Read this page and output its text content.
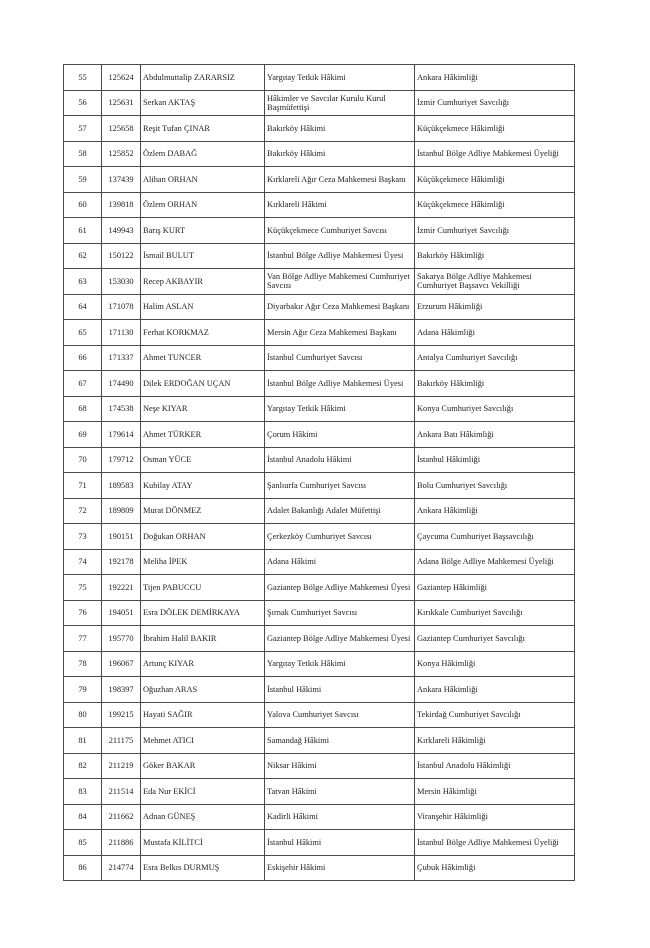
55	125624	Abdulmuttalip ZARARSIZ	Yargıtay Tetkik Hâkimi	Ankara Hâkimliği
56	125631	Serkan AKTAŞ	Hâkimler ve Savcılar Kurulu Kurul Başmüfettişi	İzmir Cumhuriyet Savcılığı
57	125658	Reşit Tufan ÇINAR	Bakırköy Hâkimi	Küçükçekmece Hâkimliği
58	125852	Özlem DABAĞ	Bakırköy Hâkimi	İstanbul Bölge Adliye Mahkemesi Üyeliği
59	137439	Alihan ORHAN	Kırklareli Ağır Ceza Mahkemesi Başkanı	Küçükçekmece Hâkimliği
60	139818	Özlem ORHAN	Kırklareli Hâkimi	Küçükçekmece Hâkimliği
61	149943	Barış KURT	Küçükçekmece Cumhuriyet Savcısı	İzmir Cumhuriyet Savcılığı
62	150122	İsmail BULUT	İstanbul Bölge Adliye Mahkemesi Üyesi	Bakırköy Hâkimliği
63	153030	Recep AKBAYIR	Van Bölge Adliye Mahkemesi Cumhuriyet Savcısı	Sakarya Bölge Adliye Mahkemesi Cumhuriyet Başsavcı Vekilliği
64	171078	Halim ASLAN	Diyarbakır Ağır Ceza Mahkemesi Başkanı	Erzurum Hâkimliği
65	171130	Ferhat KORKMAZ	Mersin Ağır Ceza Mahkemesi Başkanı	Adana Hâkimliği
66	171337	Ahmet TUNCER	İstanbul Cumhuriyet Savcısı	Antalya Cumhuriyet Savcılığı
67	174490	Dilek ERDOĞAN UÇAN	İstanbul Bölge Adliye Mahkemesi Üyesi	Bakırköy Hâkimliği
68	174538	Neşe KIYAR	Yargıtay Tetkik Hâkimi	Konya Cumhuriyet Savcılığı
69	179614	Ahmet TÜRKER	Çorum Hâkimi	Ankara Batı Hâkimliği
70	179712	Osman YÜCE	İstanbul Anadolu Hâkimi	İstanbul Hâkimliği
71	189583	Kubilay ATAY	Şanlıurfa Cumhuriyet Savcısı	Bolu Cumhuriyet Savcılığı
72	189809	Murat DÖNMEZ	Adalet Bakanlığı Adalet Müfettişi	Ankara Hâkimliği
73	190151	Doğukan ORHAN	Çerkezköy Cumhuriyet Savcısı	Çaycuma Cumhuriyet Başsavcılığı
74	192178	Meliha İPEK	Adana Hâkimi	Adana Bölge Adliye Mahkemesi Üyeliği
75	192221	Tijen PABUCCU	Gaziantep Bölge Adliye Mahkemesi Üyesi	Gaziantep Hâkimliği
76	194051	Esra DÖLEK DEMİRKAYA	Şırnak Cumhuriyet Savcısı	Kırıkkale Cumhuriyet Savcılığı
77	195770	İbrahim Halil BAKIR	Gaziantep Bölge Adliye Mahkemesi Üyesi	Gaziantep Cumhuriyet Savcılığı
78	196067	Artunç KIYAR	Yargıtay Tetkik Hâkimi	Konya Hâkimliği
79	198397	Oğuzhan ARAS	İstanbul Hâkimi	Ankara Hâkimliği
80	199215	Hayati SAĞIR	Yalova Cumhuriyet Savcısı	Tekirdağ Cumhuriyet Savcılığı
81	211175	Mehmet ATICI	Samandağ Hâkimi	Kırklareli Hâkimliği
82	211219	Göker BAKAR	Niksar Hâkimi	İstanbul Anadolu Hâkimliği
83	211514	Eda Nur EKİCİ	Tatvan Hâkimi	Mersin Hâkimliği
84	211662	Adnan GÜNEŞ	Kadirli Hâkimi	Viranşehir Hâkimliği
85	211886	Mustafa KİLİTCİ	İstanbul Hâkimi	İstanbul Bölge Adliye Mahkemesi Üyeliği
86	214774	Esra Belkıs DURMUŞ	Eskişehir Hâkimi	Çubuk Hâkimliği
